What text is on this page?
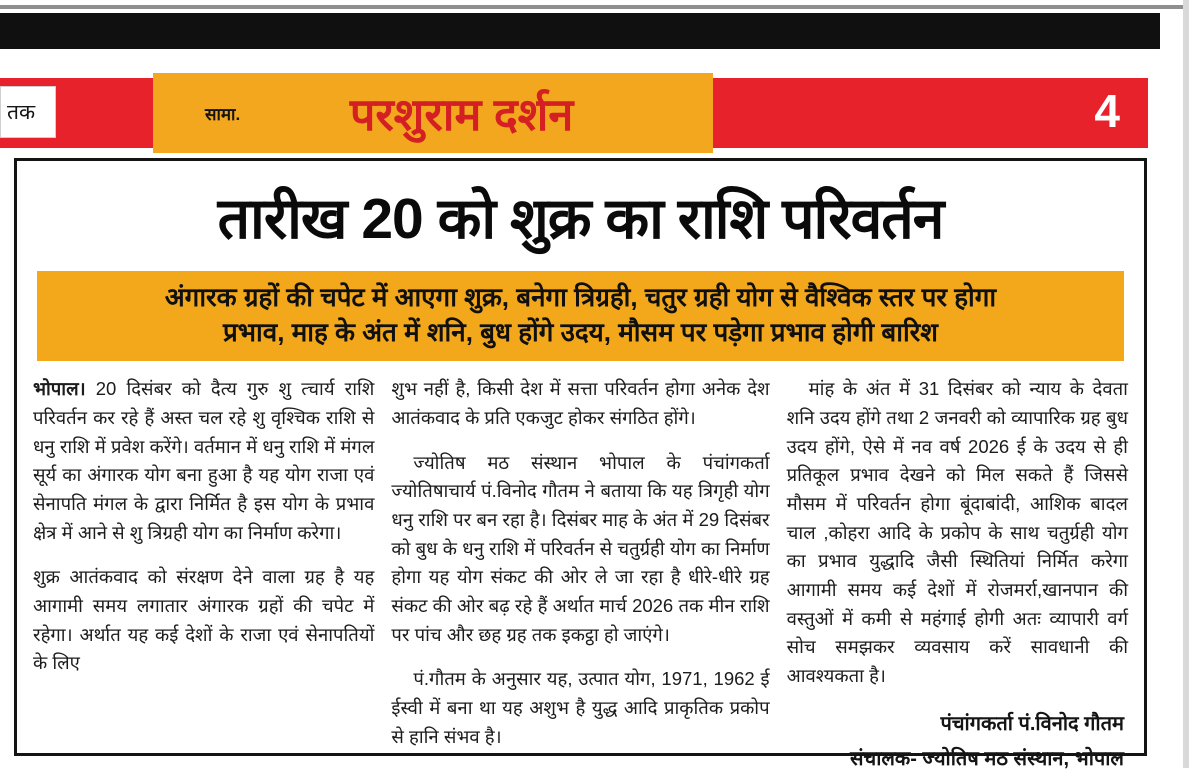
तक	सामा.	परशुराम दर्शन	4
तारीख 20 को शुक्र का राशि परिवर्तन
अंगारक ग्रहों की चपेट में आएगा शुक्र, बनेगा त्रिग्रही, चतुर ग्रही योग से वैश्विक स्तर पर होगा
प्रभाव, माह के अंत में शनि, बुध होंगे उदय, मौसम पर पड़ेगा प्रभाव होगी बारिश

भोपाल। 20 दिसंबर को दैत्य गुरु शु त्चार्य राशि परिवर्तन कर रहे हैं अस्त चल रहे शु वृश्चिक राशि से धनु राशि में प्रवेश करेंगे। वर्तमान में धनु राशि में मंगल सूर्य का अंगारक योग बना हुआ है यह योग राजा एवं सेनापति मंगल के द्वारा निर्मित है इस योग के प्रभाव क्षेत्र में आने से शु त्रिग्रही योग का निर्माण करेगा।

शुक्र आतंकवाद को संरक्षण देने वाला ग्रह है यह आगामी समय लगातार अंगारक ग्रहों की चपेट में रहेगा। अर्थात यह कई देशों के राजा एवं सेनापतियों के लिए

शुभ नहीं है, किसी देश में सत्ता परिवर्तन होगा अनेक देश आतंकवाद के प्रति एकजुट होकर संगठित होंगे।

ज्योतिष मठ संस्थान भोपाल के पंचांगकर्ता ज्योतिषाचार्य पं.विनोद गौतम ने बताया कि यह त्रिगृही योग धनु राशि पर बन रहा है। दिसंबर माह के अंत में 29 दिसंबर को बुध के धनु राशि में परिवर्तन से चतुर्ग्रही योग का निर्माण होगा यह योग संकट की ओर ले जा रहा है धीरे-धीरे ग्रह संकट की ओर बढ़ रहे हैं अर्थात मार्च 2026 तक मीन राशि पर पांच और छह ग्रह तक इकट्ठा हो जाएंगे।

पं.गौतम के अनुसार यह, उत्पात योग, 1971, 1962 ई ईस्वी में बना था यह अशुभ है युद्ध आदि प्राकृतिक प्रकोप से हानि संभव है।

मांह के अंत में 31 दिसंबर को न्याय के देवता शनि उदय होंगे तथा 2 जनवरी को व्यापारिक ग्रह बुध उदय होंगे, ऐसे में नव वर्ष 2026 ई के उदय से ही प्रतिकूल प्रभाव देखने को मिल सकते हैं जिससे मौसम में परिवर्तन होगा बूंदाबांदी, आशिक बादल चाल ,कोहरा आदि के प्रकोप के साथ चतुर्ग्रही योग का प्रभाव युद्धादि जैसी स्थितियां निर्मित करेगा आगामी समय कई देशों में रोजमर्रा,खानपान की वस्तुओं में कमी से महंगाई होगी अतः व्यापारी वर्ग सोच समझकर व्यवसाय करें सावधानी की आवश्यकता है।

पंचांगकर्ता पं.विनोद गौतम
संचालक- ज्योतिष मठ संस्थान, भोपाल
